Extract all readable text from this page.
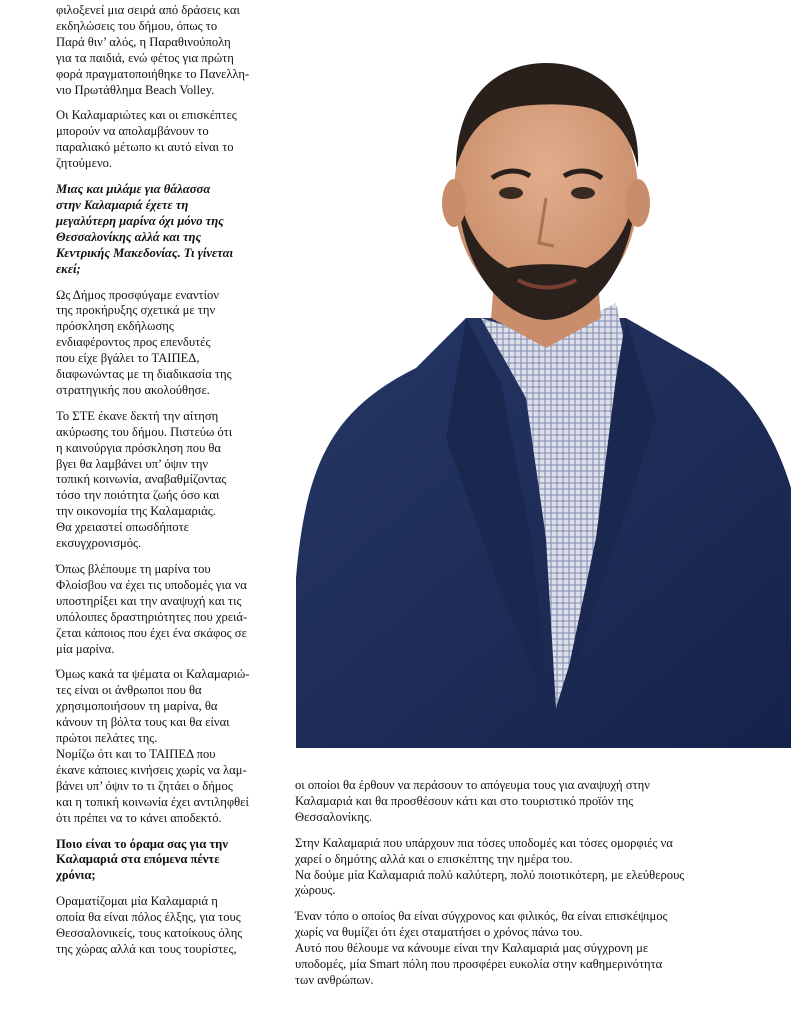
φιλοξενεί μια σειρά από δράσεις και
εκδηλώσεις του δήμου, όπως το
Παρά θιν’ αλός, η Παραθινούπολη
για τα παιδιά, ενώ φέτος για πρώτη
φορά πραγματοποιήθηκε το Πανελλη-
νιο Πρωτάθλημα Beach Volley.

Οι Καλαμαριώτες και οι επισκέπτες
μπορούν να απολαμβάνουν το
παραλιακό μέτωπο κι αυτό είναι το
ζητούμενο.

Μιας και μιλάμε για θάλασσα
στην Καλαμαριά έχετε τη
μεγαλύτερη μαρίνα όχι μόνο της
Θεσσαλονίκης αλλά και της
Κεντρικής Μακεδονίας. Τι γίνεται
εκεί;

Ως Δήμος προσφύγαμε εναντίον
της προκήρυξης σχετικά με την
πρόσκληση εκδήλωσης
ενδιαφέροντος προς επενδυτές
που είχε βγάλει το ΤΑΙΠΕΔ,
διαφωνώντας με τη διαδικασία της
στρατηγικής που ακολούθησε.

Το ΣΤΕ έκανε δεκτή την αίτηση
ακύρωσης του δήμου. Πιστεύω ότι
η καινούργια πρόσκληση που θα
βγει θα λαμβάνει υπ’ όψιν την
τοπική κοινωνία, αναβαθμίζοντας
τόσο την ποιότητα ζωής όσο και
την οικονομία της Καλαμαριάς.
Θα χρειαστεί οπωσδήποτε
εκσυγχρονισμός.

Όπως βλέπουμε τη μαρίνα του
Φλοίσβου να έχει τις υποδομές για να
υποστηρίξει και την αναψυχή και τις
υπόλοιπες δραστηριότητες που χρειά-
ζεται κάποιος που έχει ένα σκάφος σε
μία μαρίνα.

Όμως κακά τα ψέματα οι Καλαμαριώ-
τες είναι οι άνθρωποι που θα
χρησιμοποιήσουν τη μαρίνα, θα
κάνουν τη βόλτα τους και θα είναι
πρώτοι πελάτες της.
Νομίζω ότι και το ΤΑΙΠΕΔ που
έκανε κάποιες κινήσεις χωρίς να λαμ-
βάνει υπ’ όψιν το τι ζητάει ο δήμος
και η τοπική κοινωνία έχει αντιληφθεί
ότι πρέπει να το κάνει αποδεκτό.

Ποιο είναι το όραμα σας για την
Καλαμαριά στα επόμενα πέντε
χρόνια;

Οραματίζομαι μία Καλαμαριά η
οποία θα είναι πόλος έλξης, για τους
Θεσσαλονικείς, τους κατοίκους όλης
της χώρας αλλά και τους τουρίστες,

οι οποίοι θα έρθουν να περάσουν το απόγευμα τους για αναψυχή στην
Καλαμαριά και θα προσθέσουν κάτι και στο τουριστικό προϊόν της
Θεσσαλονίκης.

Στην Καλαμαριά που υπάρχουν πια τόσες υποδομές και τόσες ομορφιές να
χαρεί ο δημότης αλλά και ο επισκέπτης την ημέρα του.
Να δούμε μία Καλαμαριά πολύ καλύτερη, πολύ ποιοτικότερη, με ελεύθερους
χώρους.

Έναν τόπο ο οποίος θα είναι σύγχρονος και φιλικός, θα είναι επισκέψιμος
χωρίς να θυμίζει ότι έχει σταματήσει ο χρόνος πάνω του.
Αυτό που θέλουμε να κάνουμε είναι την Καλαμαριά μας σύγχρονη με
υποδομές, μία Smart πόλη που προσφέρει ευκολία στην καθημερινότητα
των ανθρώπων.
